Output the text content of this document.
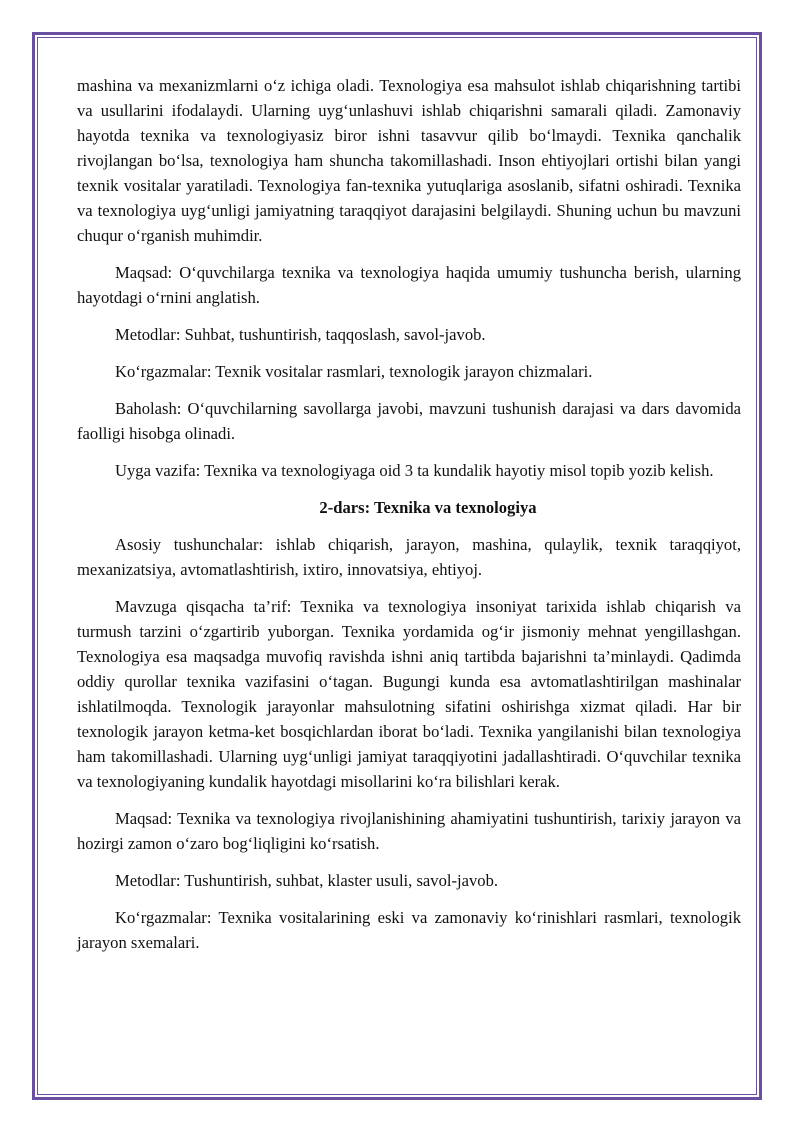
mashina va mexanizmlarni o‘z ichiga oladi. Texnologiya esa mahsulot ishlab chiqarishning tartibi va usullarini ifodalaydi. Ularning uyg‘unlashuvi ishlab chiqarishni samarali qiladi. Zamonaviy hayotda texnika va texnologiyasiz biror ishni tasavvur qilib bo‘lmaydi. Texnika qanchalik rivojlangan bo‘lsa, texnologiya ham shuncha takomillashadi. Inson ehtiyojlari ortishi bilan yangi texnik vositalar yaratiladi. Texnologiya fan-texnika yutuqlariga asoslanib, sifatni oshiradi. Texnika va texnologiya uyg‘unligi jamiyatning taraqqiyot darajasini belgilaydi. Shuning uchun bu mavzuni chuqur o‘rganish muhimdir.

Maqsad: O‘quvchilarga texnika va texnologiya haqida umumiy tushuncha berish, ularning hayotdagi o‘rnini anglatish.

Metodlar: Suhbat, tushuntirish, taqqoslash, savol-javob.

Ko‘rgazmalar: Texnik vositalar rasmlari, texnologik jarayon chizmalari.

Baholash: O‘quvchilarning savollarga javobi, mavzuni tushunish darajasi va dars davomida faolligi hisobga olinadi.

Uyga vazifa: Texnika va texnologiyaga oid 3 ta kundalik hayotiy misol topib yozib kelish.

2-dars: Texnika va texnologiya

Asosiy tushunchalar: ishlab chiqarish, jarayon, mashina, qulaylik, texnik taraqqiyot, mexanizatsiya, avtomatlashtirish, ixtiro, innovatsiya, ehtiyoj.

Mavzuga qisqacha ta’rif: Texnika va texnologiya insoniyat tarixida ishlab chiqarish va turmush tarzini o‘zgartirib yuborgan. Texnika yordamida og‘ir jismoniy mehnat yengillashgan. Texnologiya esa maqsadga muvofiq ravishda ishni aniq tartibda bajarishni ta’minlaydi. Qadimda oddiy qurollar texnika vazifasini o‘tagan. Bugungi kunda esa avtomatlashtirilgan mashinalar ishlatilmoqda. Texnologik jarayonlar mahsulotning sifatini oshirishga xizmat qiladi. Har bir texnologik jarayon ketma-ket bosqichlardan iborat bo‘ladi. Texnika yangilanishi bilan texnologiya ham takomillashadi. Ularning uyg‘unligi jamiyat taraqqiyotini jadallashtiradi. O‘quvchilar texnika va texnologiyaning kundalik hayotdagi misollarini ko‘ra bilishlari kerak.

Maqsad: Texnika va texnologiya rivojlanishining ahamiyatini tushuntirish, tarixiy jarayon va hozirgi zamon o‘zaro bog‘liqligini ko‘rsatish.

Metodlar: Tushuntirish, suhbat, klaster usuli, savol-javob.

Ko‘rgazmalar: Texnika vositalarining eski va zamonaviy ko‘rinishlari rasmlari, texnologik jarayon sxemalari.
